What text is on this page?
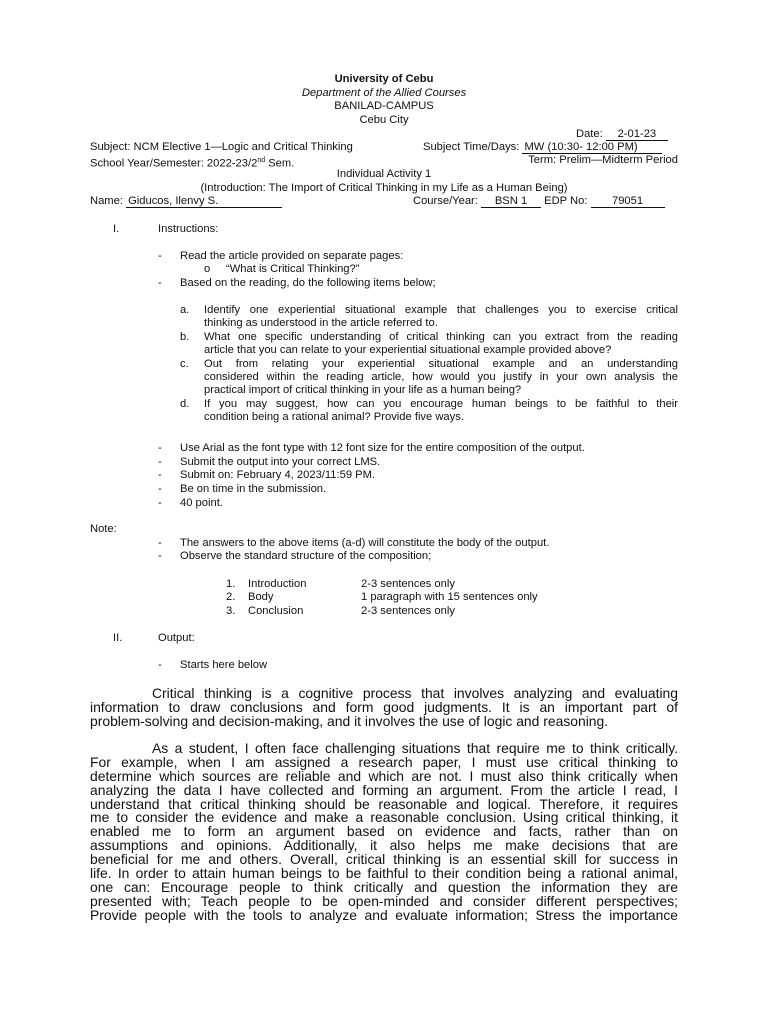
University of Cebu
Department of the Allied Courses
BANILAD-CAMPUS
Cebu City
Date: 2-01-23
Subject: NCM Elective 1—Logic and Critical Thinking	Subject Time/Days: MW (10:30- 12:00 PM)
School Year/Semester: 2022-23/2nd Sem.	Term: Prelim—Midterm Period
Individual Activity 1
(Introduction: The Import of Critical Thinking in my Life as a Human Being)
Name: Giducos, Ilenvy S.	Course/Year: BSN 1 EDP No: 79051
I.	Instructions:
- Read the article provided on separate pages:
o “What is Critical Thinking?”
- Based on the reading, do the following items below;
a. Identify one experiential situational example that challenges you to exercise critical
thinking as understood in the article referred to.
b. What one specific understanding of critical thinking can you extract from the reading
article that you can relate to your experiential situational example provided above?
c. Out from relating your experiential situational example and an understanding
considered within the reading article, how would you justify in your own analysis the
practical import of critical thinking in your life as a human being?
d. If you may suggest, how can you encourage human beings to be faithful to their
condition being a rational animal? Provide five ways.
- Use Arial as the font type with 12 font size for the entire composition of the output.
- Submit the output into your correct LMS.
- Submit on: February 4, 2023/11:59 PM.
- Be on time in the submission.
- 40 point.
Note:
- The answers to the above items (a-d) will constitute the body of the output.
- Observe the standard structure of the composition;
1. Introduction	2-3 sentences only
2. Body	1 paragraph with 15 sentences only
3. Conclusion	2-3 sentences only
II.	Output:
- Starts here below
Critical thinking is a cognitive process that involves analyzing and evaluating
information to draw conclusions and form good judgments. It is an important part of
problem-solving and decision-making, and it involves the use of logic and reasoning.
As a student, I often face challenging situations that require me to think critically.
For example, when I am assigned a research paper, I must use critical thinking to
determine which sources are reliable and which are not. I must also think critically when
analyzing the data I have collected and forming an argument. From the article I read, I
understand that critical thinking should be reasonable and logical. Therefore, it requires
me to consider the evidence and make a reasonable conclusion. Using critical thinking, it
enabled me to form an argument based on evidence and facts, rather than on
assumptions and opinions. Additionally, it also helps me make decisions that are
beneficial for me and others. Overall, critical thinking is an essential skill for success in
life. In order to attain human beings to be faithful to their condition being a rational animal,
one can: Encourage people to think critically and question the information they are
presented with; Teach people to be open-minded and consider different perspectives;
Provide people with the tools to analyze and evaluate information; Stress the importance
